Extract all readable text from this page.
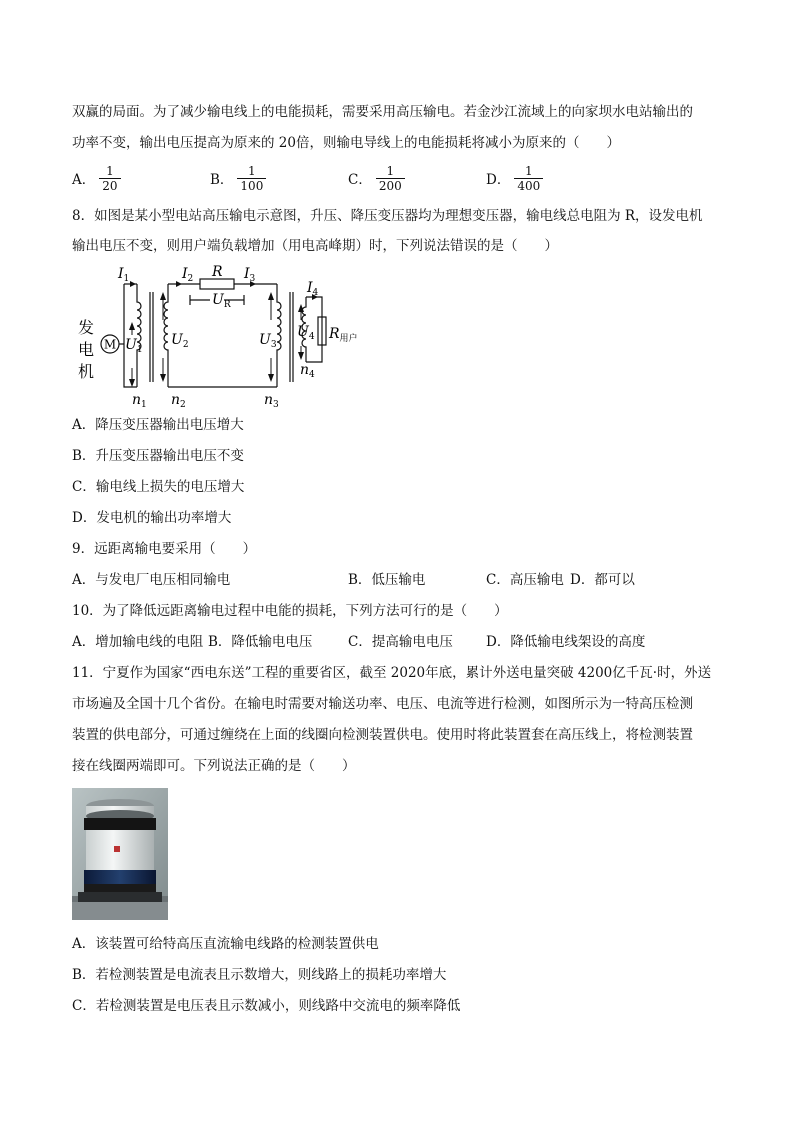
双赢的局面。为了减少输电线上的电能损耗，需要采用高压输电。若金沙江流域上的向家坝水电站输出的
功率不变，输出电压提高为原来的 20倍，则输电导线上的电能损耗将减小为原来的（　　）
A． $\frac{1}{20}$	B． $\frac{1}{100}$	C． $\frac{1}{200}$	D． $\frac{1}{400}$
8．如图是某小型电站高压输电示意图，升压、降压变压器均为理想变压器，输电线总电阻为 R，设发电机
输出电压不变，则用户端负载增加（用电高峰期）时，下列说法错误的是（　　）
M
发
电
机
$I_1$	$I_2$ R $I_3$
$I_4$
$U_R$
$U_1$
$U_2$	$U_3$
$U_4$ $R_{用户}$
$n_4$
$n_1$ $n_2$	$n_3$
A．降压变压器输出电压增大
B．升压变压器输出电压不变
C．输电线上损失的电压增大
D．发电机的输出功率增大
9．远距离输电要采用（　　）
A．与发电厂电压相同输电	B．低压输电	C．高压输电 D．都可以
10．为了降低远距离输电过程中电能的损耗，下列方法可行的是（　　）
A．增加输电线的电阻 B．降低输电电压	C．提高输电电压 D．降低输电线架设的高度
11．宁夏作为国家“西电东送”工程的重要省区，截至 2020年底，累计外送电量突破 4200亿千瓦·时，外送
市场遍及全国十几个省份。在输电时需要对输送功率、电压、电流等进行检测，如图所示为一特高压检测
装置的供电部分，可通过缠绕在上面的线圈向检测装置供电。使用时将此装置套在高压线上，将检测装置
接在线圈两端即可。下列说法正确的是（　　）
A．该装置可给特高压直流输电线路的检测装置供电
B．若检测装置是电流表且示数增大，则线路上的损耗功率增大
C．若检测装置是电压表且示数减小，则线路中交流电的频率降低
